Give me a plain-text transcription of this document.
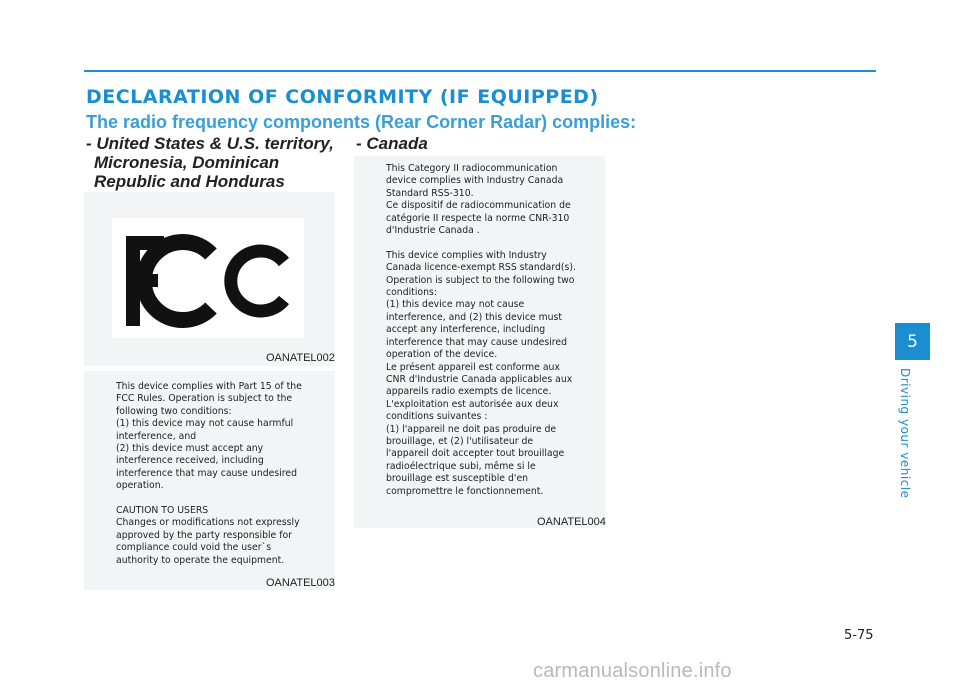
DECLARATION OF CONFORMITY (IF EQUIPPED)
The radio frequency components (Rear Corner Radar) complies:
- United States & U.S. territory,
Micronesia, Dominican
Republic and Honduras
- Canada
OANATEL002
This device complies with Part 15 of the
FCC Rules. Operation is subject to the
following two conditions:
(1) this device may not cause harmful
interference, and
(2) this device must accept any
interference received, including
interference that may cause undesired
operation.

CAUTION TO USERS
Changes or modifications not expressly
approved by the party responsible for
compliance could void the user`s
authority to operate the equipment.
OANATEL003
This Category II radiocommunication
device complies with Industry Canada
Standard RSS-310.
Ce dispositif de radiocommunication de
catégorie II respecte la norme CNR-310
d'Industrie Canada .

This device complies with Industry
Canada licence-exempt RSS standard(s).
Operation is subject to the following two
conditions:
(1) this device may not cause
interference, and (2) this device must
accept any interference, including
interference that may cause undesired
operation of the device.
Le présent appareil est conforme aux
CNR d'Industrie Canada applicables aux
appareils radio exempts de licence.
L'exploitation est autorisée aux deux
conditions suivantes :
(1) l'appareil ne doit pas produire de
brouillage, et (2) l'utilisateur de
l'appareil doit accepter tout brouillage
radioélectrique subi, même si le
brouillage est susceptible d'en
compromettre le fonctionnement.
OANATEL004
5
Driving your vehicle
5-75
carmanualsonline.info
